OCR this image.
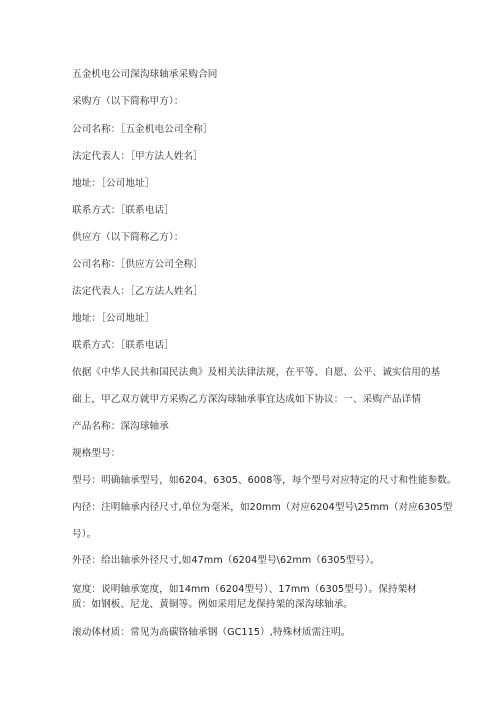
五金机电公司深沟球轴承采购合同
采购方（以下简称甲方）：
公司名称：［五金机电公司全称］
法定代表人：［甲方法人姓名］
地址：［公司地址］
联系方式：［联系电话］
供应方（以下简称乙方）：
公司名称：［供应方公司全称］
法定代表人：［乙方法人姓名］
地址：［公司地址］
联系方式：［联系电话］
依据《中华人民共和国民法典》及相关法律法规，在平等、自愿、公平、诚实信用的基
础上，甲乙双方就甲方采购乙方深沟球轴承事宜达成如下协议：一、采购产品详情
产品名称：深沟球轴承
规格型号：
型号：明确轴承型号，如6204、6305、6008等，每个型号对应特定的尺寸和性能参数。
内径：注明轴承内径尺寸,单位为毫米，如20mm（对应6204型号\25mm（对应6305型
号）。
外径：给出轴承外径尺寸,如47mm（6204型号\62mm（6305型号）。
宽度：说明轴承宽度，如14mm（6204型号）、17mm（6305型号）。保持架材质：如钢板、尼龙、黄铜等。例如采用尼龙保持架的深沟球轴承。
滚动体材质：常见为高碳铬轴承钢（GC115）,特殊材质需注明。
